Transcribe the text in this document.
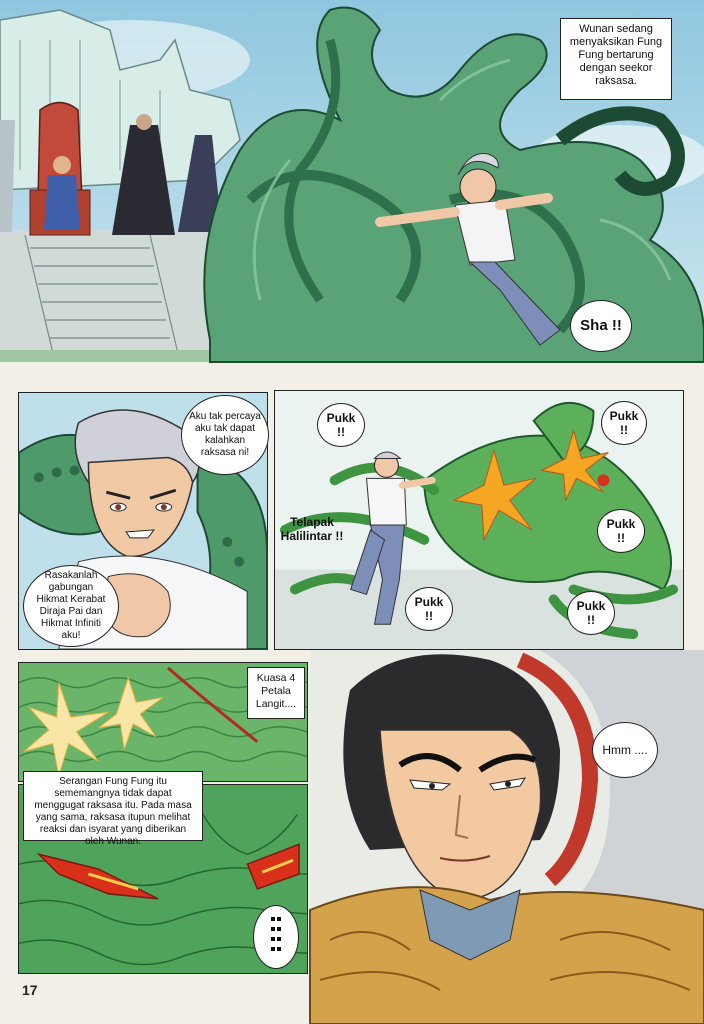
Wunan sedang menyaksikan Fung Fung bertarung dengan seekor raksasa.
Sha !!
Aku tak percaya aku tak dapat kalahkan raksasa ni!
Rasakanlah gabungan Hikmat Kerabat Diraja Pai dan Hikmat Infiniti aku!
Pukk !!
Pukk !!
Pukk !!
Pukk !!
Pukk !!
Telapak Halilintar !!
Kuasa 4 Petala Langit....
Serangan Fung Fung itu sememangnya tidak dapat menggugat raksasa itu. Pada masa yang sama, raksasa itupun melihat reaksi dan isyarat yang diberikan oleh Wunan.
Hmm ....
17
